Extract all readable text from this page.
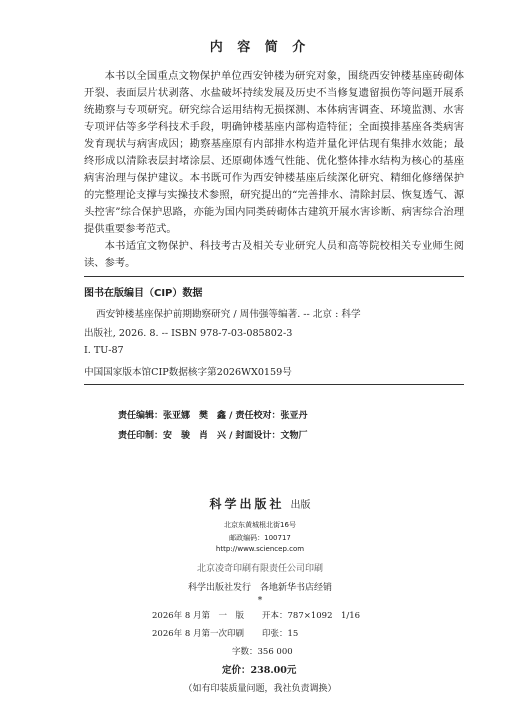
内 容 简 介

本书以全国重点文物保护单位西安钟楼为研究对象，围绕西安钟楼基座砖砌体开裂、表面层片状剥落、水盐破坏持续发展及历史不当修复遗留损伤等问题开展系统勘察与专项研究。研究综合运用结构无损探测、本体病害调查、环境监测、水害专项评估等多学科技术手段，明确钟楼基座内部构造特征；全面摸排基座各类病害发育现状与病害成因；勘察基座原有内部排水构造并量化评估现有集排水效能；最终形成以清除表层封堵涂层、还原砌体透气性能、优化整体排水结构为核心的基座病害治理与保护建议。本书既可作为西安钟楼基座后续深化研究、精细化修缮保护的完整理论支撑与实操技术参照，研究提出的“完善排水、清除封层、恢复透气、源头控害”综合保护思路，亦能为国内同类砖砌体古建筑开展水害诊断、病害综合治理提供重要参考范式。

本书适宜文物保护、科技考古及相关专业研究人员和高等院校相关专业师生阅读、参考。

图书在版编目（CIP）数据
西安钟楼基座保护前期勘察研究 / 周伟强等编著. -- 北京 : 科学
出版社, 2026. 8. -- ISBN 978-7-03-085802-3
Ⅰ. TU-87
中国国家版本馆CIP数据核字第2026WX0159号
责任编辑：张亚娜　樊　鑫 / 责任校对：张亚丹
责任印制：安　骏　肖　兴 / 封面设计：文物厂
科学出版社 出版
北京东黄城根北街16号
邮政编码：100717
http://www.sciencep.com
北京凌奇印刷有限责任公司印刷
科学出版社发行　各地新华书店经销
*
2026年 8 月第　一　版 开本：787×1092　1/16
2026年 8 月第一次印刷 印张：15
字数：356 000
定价：238.00元
（如有印装质量问题，我社负责调换）
